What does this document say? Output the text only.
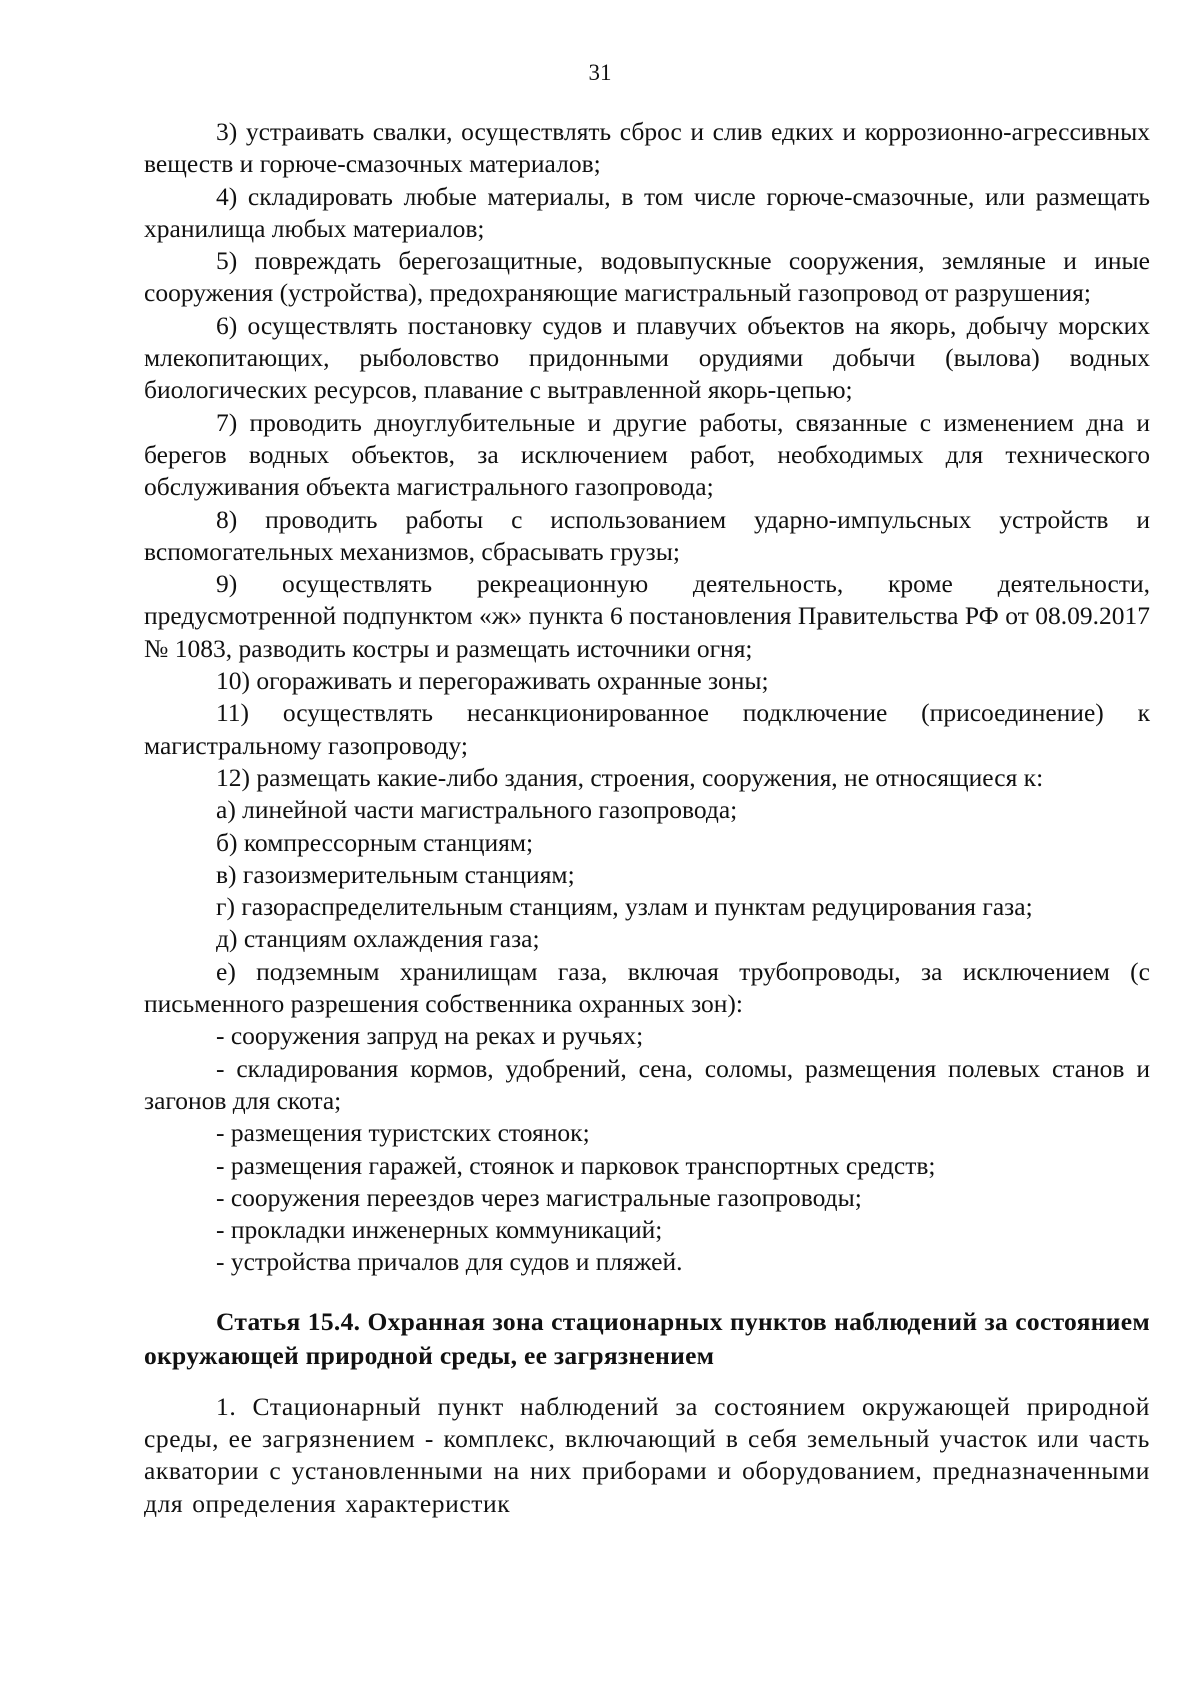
31

3) устраивать свалки, осуществлять сброс и слив едких и коррозионно-агрессивных веществ и горюче-смазочных материалов;

4) складировать любые материалы, в том числе горюче-смазочные, или размещать хранилища любых материалов;

5) повреждать берегозащитные, водовыпускные сооружения, земляные и иные сооружения (устройства), предохраняющие магистральный газопровод от разрушения;

6) осуществлять постановку судов и плавучих объектов на якорь, добычу морских млекопитающих, рыболовство придонными орудиями добычи (вылова) водных биологических ресурсов, плавание с вытравленной якорь-цепью;

7) проводить дноуглубительные и другие работы, связанные с изменением дна и берегов водных объектов, за исключением работ, необходимых для технического обслуживания объекта магистрального газопровода;

8) проводить работы с использованием ударно-импульсных устройств и вспомогательных механизмов, сбрасывать грузы;

9) осуществлять рекреационную деятельность, кроме деятельности, предусмотренной подпунктом «ж» пункта 6 постановления Правительства РФ от 08.09.2017 № 1083, разводить костры и размещать источники огня;

10) огораживать и перегораживать охранные зоны;

11) осуществлять несанкционированное подключение (присоединение) к магистральному газопроводу;

12) размещать какие-либо здания, строения, сооружения, не относящиеся к:

а) линейной части магистрального газопровода;

б) компрессорным станциям;

в) газоизмерительным станциям;

г) газораспределительным станциям, узлам и пунктам редуцирования газа;

д) станциям охлаждения газа;

е) подземным хранилищам газа, включая трубопроводы, за исключением (с письменного разрешения собственника охранных зон):

- сооружения запруд на реках и ручьях;

- складирования кормов, удобрений, сена, соломы, размещения полевых станов и загонов для скота;

- размещения туристских стоянок;

- размещения гаражей, стоянок и парковок транспортных средств;

- сооружения переездов через магистральные газопроводы;

- прокладки инженерных коммуникаций;

- устройства причалов для судов и пляжей.

Статья 15.4. Охранная зона стационарных пунктов наблюдений за состоянием окружающей природной среды, ее загрязнением

1. Стационарный пункт наблюдений за состоянием окружающей природной среды, ее загрязнением - комплекс, включающий в себя земельный участок или часть акватории с установленными на них приборами и оборудованием, предназначенными для определения характеристик
